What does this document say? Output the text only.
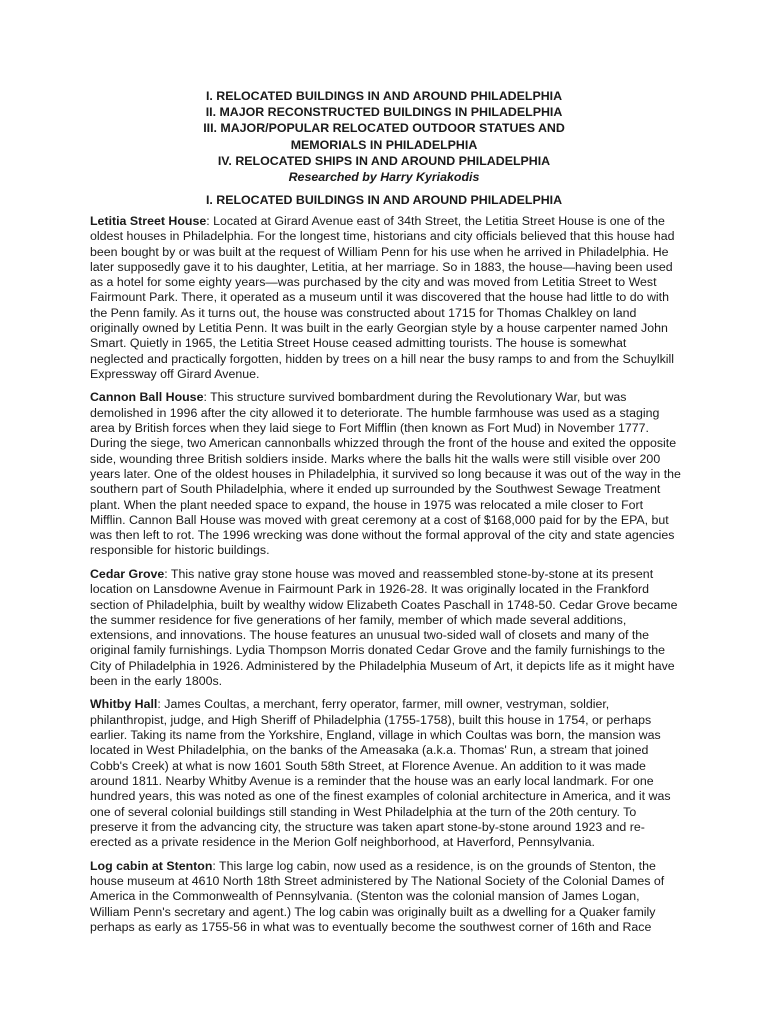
I. RELOCATED BUILDINGS IN AND AROUND PHILADELPHIA
II. MAJOR RECONSTRUCTED BUILDINGS IN PHILADELPHIA
III. MAJOR/POPULAR RELOCATED OUTDOOR STATUES AND
MEMORIALS IN PHILADELPHIA
IV. RELOCATED SHIPS IN AND AROUND PHILADELPHIA
Researched by Harry Kyriakodis
I. RELOCATED BUILDINGS IN AND AROUND PHILADELPHIA

Letitia Street House: Located at Girard Avenue east of 34th Street, the Letitia Street House is one of the oldest houses in Philadelphia. For the longest time, historians and city officials believed that this house had been bought by or was built at the request of William Penn for his use when he arrived in Philadelphia. He later supposedly gave it to his daughter, Letitia, at her marriage. So in 1883, the house—having been used as a hotel for some eighty years—was purchased by the city and was moved from Letitia Street to West Fairmount Park. There, it operated as a museum until it was discovered that the house had little to do with the Penn family. As it turns out, the house was constructed about 1715 for Thomas Chalkley on land originally owned by Letitia Penn. It was built in the early Georgian style by a house carpenter named John Smart. Quietly in 1965, the Letitia Street House ceased admitting tourists. The house is somewhat neglected and practically forgotten, hidden by trees on a hill near the busy ramps to and from the Schuylkill Expressway off Girard Avenue.

Cannon Ball House: This structure survived bombardment during the Revolutionary War, but was demolished in 1996 after the city allowed it to deteriorate. The humble farmhouse was used as a staging area by British forces when they laid siege to Fort Mifflin (then known as Fort Mud) in November 1777. During the siege, two American cannonballs whizzed through the front of the house and exited the opposite side, wounding three British soldiers inside. Marks where the balls hit the walls were still visible over 200 years later. One of the oldest houses in Philadelphia, it survived so long because it was out of the way in the southern part of South Philadelphia, where it ended up surrounded by the Southwest Sewage Treatment plant. When the plant needed space to expand, the house in 1975 was relocated a mile closer to Fort Mifflin. Cannon Ball House was moved with great ceremony at a cost of $168,000 paid for by the EPA, but was then left to rot. The 1996 wrecking was done without the formal approval of the city and state agencies responsible for historic buildings.

Cedar Grove: This native gray stone house was moved and reassembled stone-by-stone at its present location on Lansdowne Avenue in Fairmount Park in 1926-28. It was originally located in the Frankford section of Philadelphia, built by wealthy widow Elizabeth Coates Paschall in 1748-50. Cedar Grove became the summer residence for five generations of her family, member of which made several additions, extensions, and innovations. The house features an unusual two-sided wall of closets and many of the original family furnishings. Lydia Thompson Morris donated Cedar Grove and the family furnishings to the City of Philadelphia in 1926. Administered by the Philadelphia Museum of Art, it depicts life as it might have been in the early 1800s.

Whitby Hall: James Coultas, a merchant, ferry operator, farmer, mill owner, vestryman, soldier, philanthropist, judge, and High Sheriff of Philadelphia (1755-1758), built this house in 1754, or perhaps earlier. Taking its name from the Yorkshire, England, village in which Coultas was born, the mansion was located in West Philadelphia, on the banks of the Ameasaka (a.k.a. Thomas' Run, a stream that joined Cobb's Creek) at what is now 1601 South 58th Street, at Florence Avenue. An addition to it was made around 1811. Nearby Whitby Avenue is a reminder that the house was an early local landmark. For one hundred years, this was noted as one of the finest examples of colonial architecture in America, and it was one of several colonial buildings still standing in West Philadelphia at the turn of the 20th century. To preserve it from the advancing city, the structure was taken apart stone-by-stone around 1923 and re-erected as a private residence in the Merion Golf neighborhood, at Haverford, Pennsylvania.

Log cabin at Stenton: This large log cabin, now used as a residence, is on the grounds of Stenton, the house museum at 4610 North 18th Street administered by The National Society of the Colonial Dames of America in the Commonwealth of Pennsylvania. (Stenton was the colonial mansion of James Logan, William Penn's secretary and agent.) The log cabin was originally built as a dwelling for a Quaker family perhaps as early as 1755-56 in what was to eventually become the southwest corner of 16th and Race
